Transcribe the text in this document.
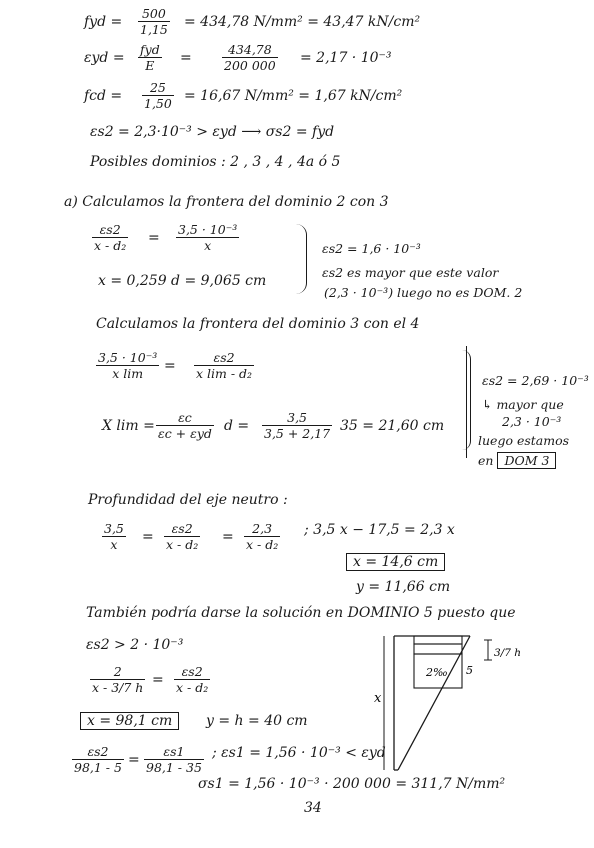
fyd = $\frac{500}{1,15} = 434,78$ N/mm² = 43,47 kN/cm²
εyd =
fyd
E	= $\frac{434,78}{200 000} = 2,17 \cdot 10^{-3}$
fcd = $\frac{25}{1,50} = 16,67$ N/mm² = 1,67 kN/cm²
εs2 = 2,3·10⁻³ > εyd ⟶ σs2 = fyd
Posibles dominios : 2 , 3 , 4 , 4a ó 5
a) Calculamos la frontera del dominio 2 con 3
$\frac{\varepsilon s2}{\text{x - d₂}} = \frac{\text{3,5 · 10⁻³}}{x}$
x = 0,259 d = 9,065 cm
εs2 = 1,6 · 10⁻³
εs2 es mayor que este valor
(2,3 · 10⁻³) luego no es DOM. 2
Calculamos la frontera del dominio 3 con el 4
$\frac{\text{3,5 · 10⁻³}}{\text{x lim}} = \frac{\varepsilon s2}{\text{x lim - d₂}}$
X lim =
εc
εc + εyd $d = \frac{3,5}{3,5 + 2,17} 35 = 21,60$ cm
εs2 = 2,69 · 10⁻³
↳ mayor que
2,3 · 10⁻³
luego estamos
en DOM 3
Profundidad del eje neutro :
$\frac{3,5}{x} = \frac{\varepsilon s2}{\text{x - d₂}} = \frac{2,3}{\text{x - d₂}}$ ; 3,5 x − 17,5 = 2,3 x
x = 14,6 cm
y = 11,66 cm
También podría darse la solución en DOMINIO 5 puesto que
εs2 > 2 · 10⁻³
$\frac{2}{x - 3/7 h} = \frac{\varepsilon s2}{\text{x - d₂}}$
x = 98,1 cm	y = h = 40 cm
$\frac{\varepsilon s2}{98,1 - 5} = \frac{\varepsilon s1}{98,1 - 35}$ ; εs1 = 1,56 · 10⁻³ < εyd
σs1 = 1,56 · 10⁻³ · 200 000 = 311,7 N/mm²
x
2‰ 5
3/7 h
34
